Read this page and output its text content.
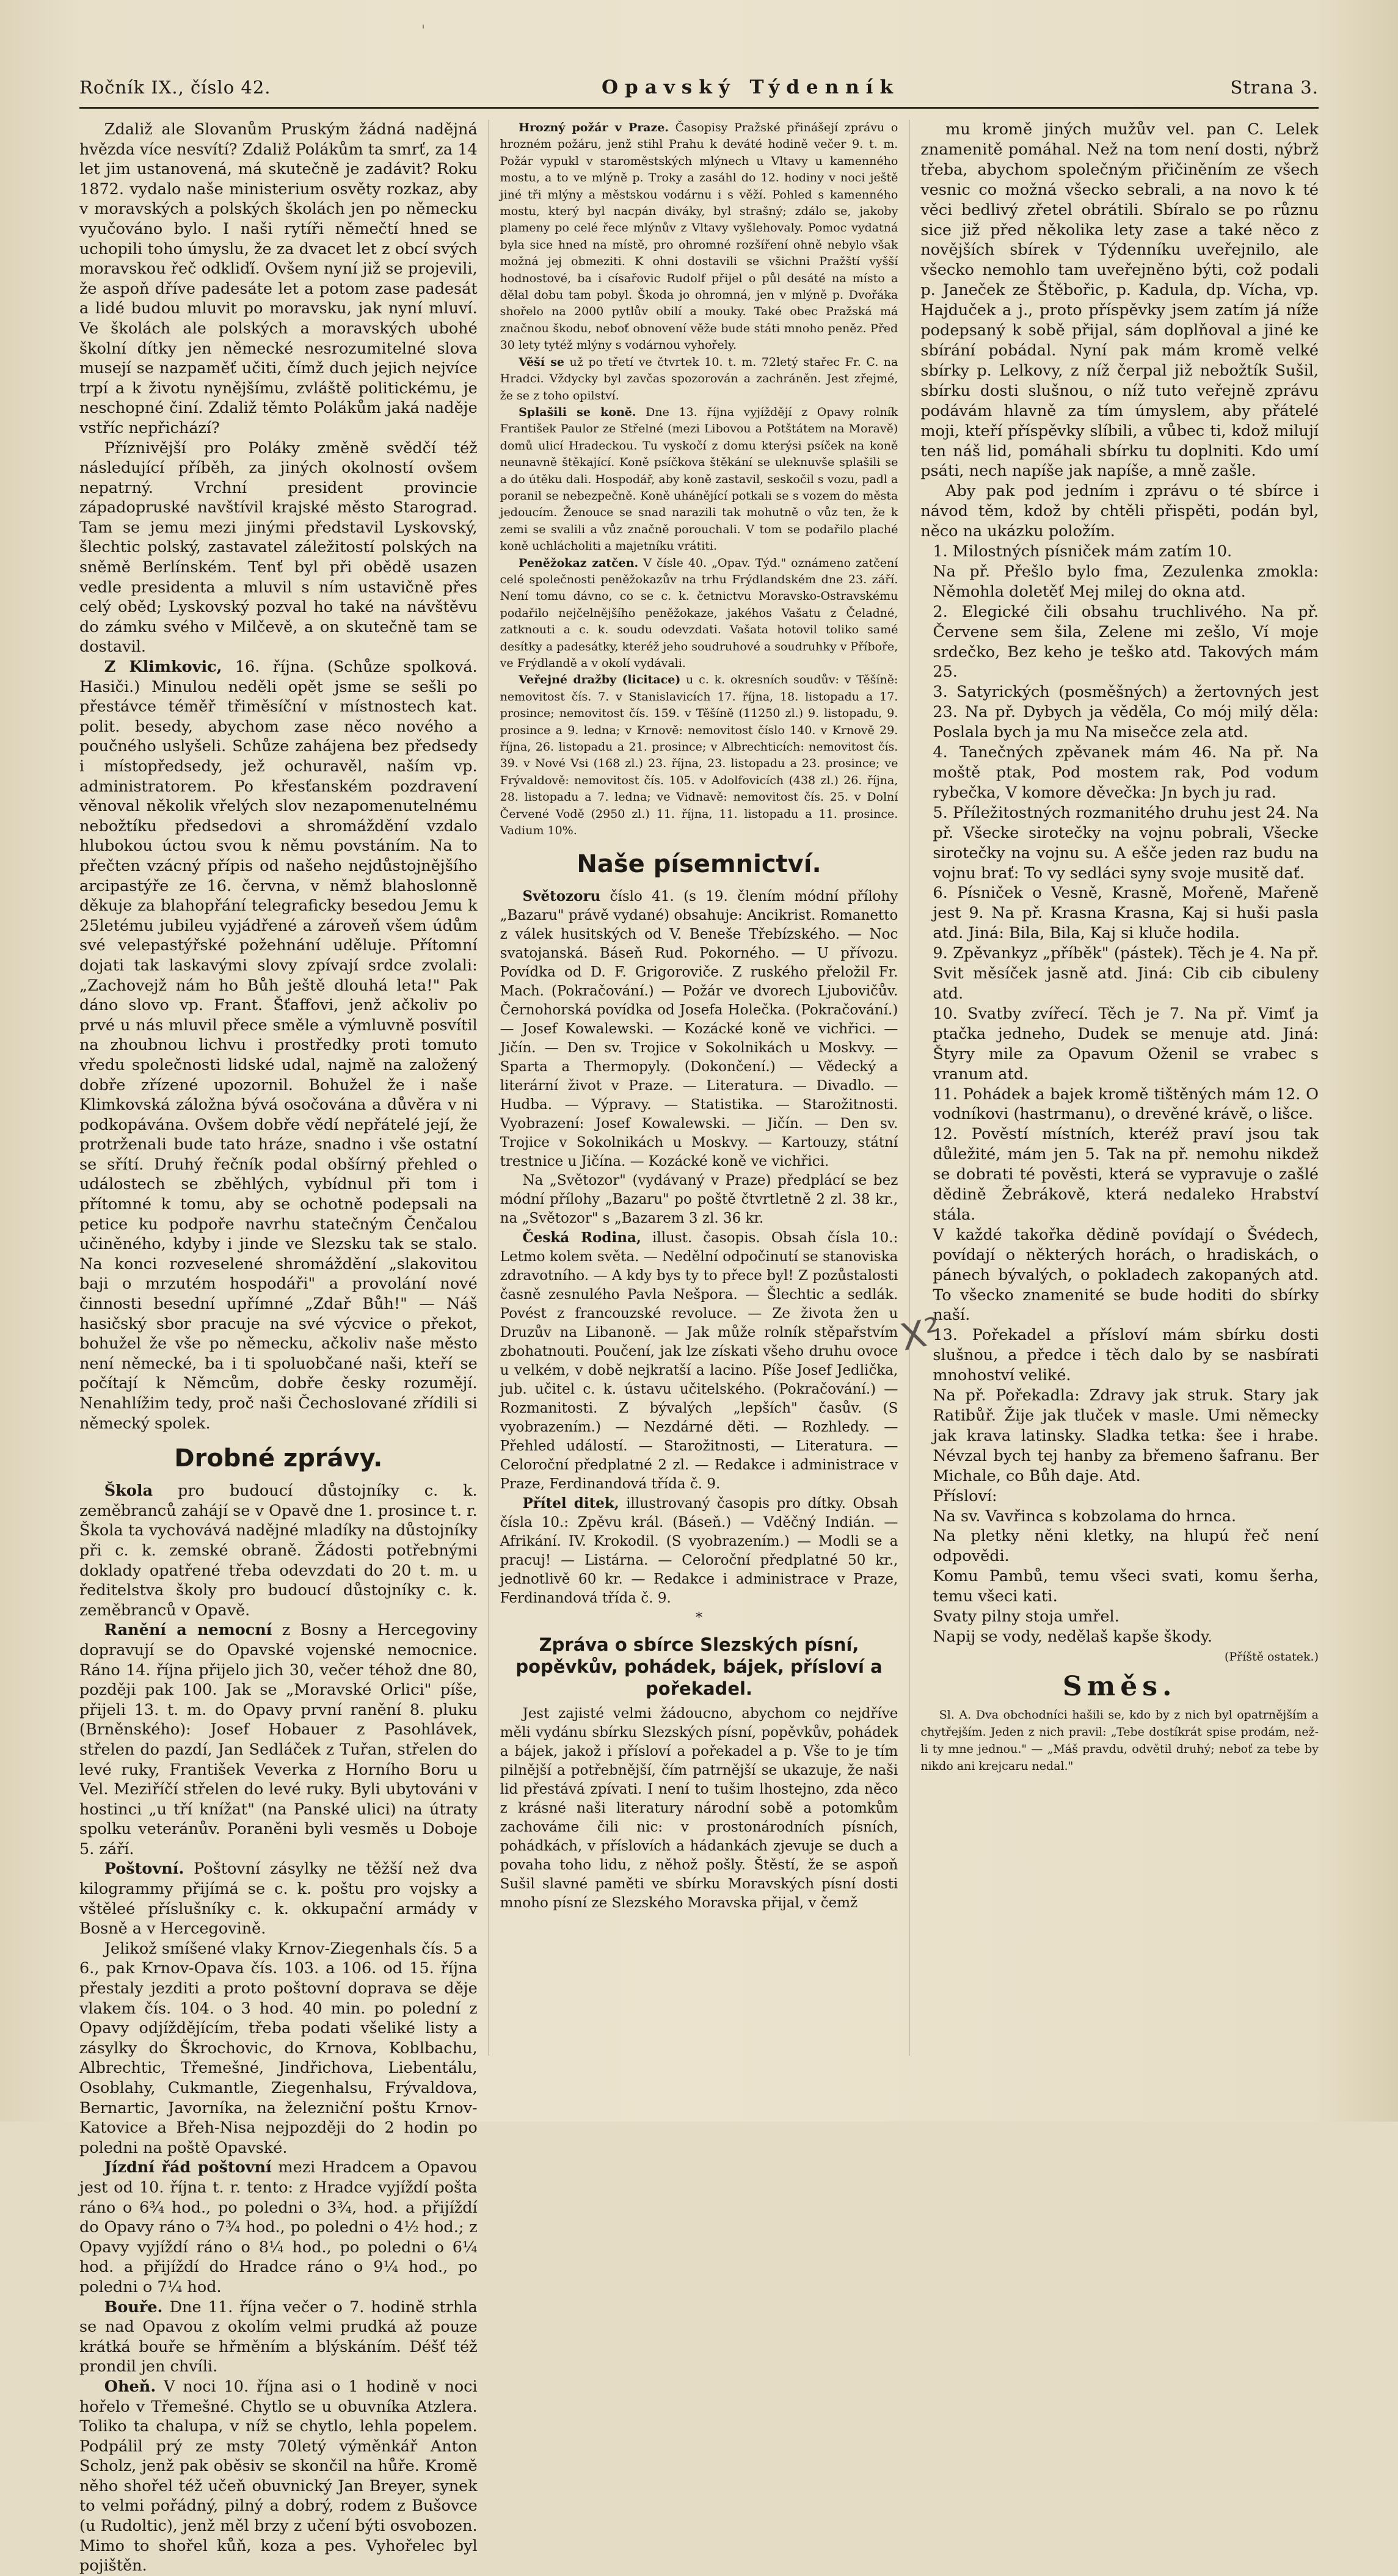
'
Ročník IX., číslo 42.	Opavský Týdenník	Strana 3.

Zdaliž ale Slovanům Pruským žádná nadějná hvězda více nesvítí? Zdaliž Polákům ta smrť, za 14 let jim ustanovená, má skutečně je zadávit? Roku 1872. vydalo naše ministerium osvěty rozkaz, aby v moravských a polských školách jen po německu vyučováno bylo. I naši rytíři němečtí hned se uchopili toho úmyslu, že za dvacet let z obcí svých moravskou řeč odkliďí. Ovšem nyní již se projevili, že aspoň dříve padesáte let a potom zase padesát a lidé budou mluvit po moravsku, jak nyní mluví. Ve školách ale polských a moravských ubohé školní dítky jen německé nesrozumitelné slova musejí se nazpaměť učiti, čímž duch jejich nejvíce trpí a k životu nynějšímu, zvláště politickému, je neschopné činí. Zdaliž těmto Polákům jaká naděje vstříc nepřichází?

Příznivější pro Poláky změně svědčí též následující příběh, za jiných okolností ovšem nepatrný. Vrchní president provincie západopruské navštívil krajské město Starograd. Tam se jemu mezi jinými představil Lyskovský, šlechtic polský, zastavatel záležitostí polských na sněmě Berlínském. Tenť byl při obědě usazen vedle presidenta a mluvil s ním ustavičně přes celý oběd; Lyskovský pozval ho také na návštěvu do zámku svého v Milčevě, a on skutečně tam se dostavil.

Z Klimkovic, 16. října. (Schůze spolková. Hasiči.) Minulou neděli opět jsme se sešli po přestávce téměř třiměsíční v místnostech kat. polit. besedy, abychom zase něco nového a poučného uslyšeli. Schůze zahájena bez předsedy i místopředsedy, jež ochuravěl, naším vp. administratorem. Po křesťanském pozdravení věnoval několik vřelých slov nezapomenutelnému nebožtíku předsedovi a shromáždění vzdalo hlubokou úctou svou k němu povstáním. Na to přečten vzácný přípis od našeho nejdůstojnějšího arcipastýře ze 16. června, v němž blahoslonně děkuje za blahopřání telegraficky besedou Jemu k 25letému jubileu vyjádřené a zároveň všem údům své velepastýřské požehnání uděluje. Přítomní dojati tak laskavými slovy zpívají srdce zvolali: „Zachovejž nám ho Bůh ještě dlouhá leta!" Pak dáno slovo vp. Frant. Šťaffovi, jenž ačkoliv po prvé u nás mluvil přece směle a výmluvně posvítil na zhoubnou lichvu i prostředky proti tomuto vředu společnosti lidské udal, najmě na založený dobře zřízené upozornil. Bohužel že i naše Klimkovská záložna bývá osočována a důvěra v ni podkopávána. Ovšem dobře vědí nepřátelé její, že protrženali bude tato hráze, snadno i vše ostatní se sřítí. Druhý řečník podal obšírný přehled o událostech se zběhlých, vybídnul při tom i přítomné k tomu, aby se ochotně podepsali na petice ku podpoře navrhu statečným Čenčalou učiněného, kdyby i jinde ve Slezsku tak se stalo. Na konci rozveselené shromáždění „slakovitou baji o mrzutém hospodáři" a provolání nové činnosti besední upřímné „Zdař Bůh!" — Náš hasičský sbor pracuje na své výcvice o překot, bohužel že vše po německu, ačkoliv naše město není německé, ba i ti spoluobčané naši, kteří se počítají k Němcům, dobře česky rozumějí. Nenahlížim tedy, proč naši Čechoslované zřídili si německý spolek.

Drobné zprávy.

Škola pro budoucí důstojníky c. k. zeměbranců zahájí se v Opavě dne 1. prosince t. r. Škola ta vychovává nadějné mladíky na důstojníky při c. k. zemské obraně. Žádosti potřebnými doklady opatřené třeba odevzdati do 20 t. m. u ředitelstva školy pro budoucí důstojníky c. k. zeměbranců v Opavě.

Ranění a nemocní z Bosny a Hercegoviny dopravují se do Opavské vojenské nemocnice. Ráno 14. října přijelo jich 30, večer téhož dne 80, později pak 100. Jak se „Moravské Orlici" píše, přijeli 13. t. m. do Opavy první ranění 8. pluku (Brněnského): Josef Hobauer z Pasohlávek, střelen do pazdí, Jan Sedláček z Tuřan, střelen do levé ruky, František Veverka z Horního Boru u Vel. Meziříčí střelen do levé ruky. Byli ubytováni v hostinci „u tří knížat" (na Panské ulici) na útraty spolku veteránův. Poraněni byli vesměs u Doboje 5. září.

Poštovní. Poštovní zásylky ne těžší než dva kilogrammy přijímá se c. k. poštu pro vojsky a vštěleé příslušníky c. k. okkupační armády v Bosně a v Hercegovině.

Jelikož smíšené vlaky Krnov-Ziegenhals čís. 5 a 6., pak Krnov-Opava čís. 103. a 106. od 15. října přestaly jezditi a proto poštovní doprava se děje vlakem čís. 104. o 3 hod. 40 min. po polední z Opavy odjíždějícím, třeba podati všeliké listy a zásylky do Škrochovic, do Krnova, Koblbachu, Albrechtic, Třemešné, Jindřichova, Liebentálu, Osoblahy, Cukmantle, Ziegenhalsu, Frývaldova, Bernartic, Javorníka, na železniční poštu Krnov-Katovice a Břeh-Nisa nejpozději do 2 hodin po poledni na poště Opavské.

Jízdní řád poštovní mezi Hradcem a Opavou jest od 10. října t. r. tento: z Hradce vyjíždí pošta ráno o 6¾ hod., po poledni o 3¾, hod. a přijíždí do Opavy ráno o 7¾ hod., po poledni o 4½ hod.; z Opavy vyjíždí ráno o 8¼ hod., po poledni o 6¼ hod. a přijíždí do Hradce ráno o 9¼ hod., po poledni o 7¼ hod.

Bouře. Dne 11. října večer o 7. hodině strhla se nad Opavou z okolím velmi prudká až pouze krátká bouře se hřměním a blýskáním. Déšť též prondil jen chvíli.

Oheň. V noci 10. října asi o 1 hodině v noci hořelo v Třemešné. Chytlo se u obuvníka Atzlera. Toliko ta chalupa, v níž se chytlo, lehla popelem. Podpálil prý ze msty 70letý výměnkář Anton Scholz, jenž pak oběsiv se skončil na hůře. Kromě něho shořel též učeň obuvnický Jan Breyer, synek to velmi pořádný, pilný a dobrý, rodem z Bušovce (u Rudoltic), jenž měl brzy z učení býti osvobozen. Mimo to shořel kůň, koza a pes. Vyhořelec byl pojištěn.

Hrozný požár v Praze. Časopisy Pražské přinášejí zprávu o hrozném požáru, jenž stihl Prahu k deváté hodině večer 9. t. m. Požár vypukl v staroměstských mlýnech u Vltavy u kamenného mostu, a to ve mlýně p. Troky a zasáhl do 12. hodiny v noci ještě jiné tři mlýny a městskou vodárnu i s věží. Pohled s kamenného mostu, který byl nacpán diváky, byl strašný; zdálo se, jakoby plameny po celé řece mlýnův z Vltavy vyšlehovaly. Pomoc vydatná byla sice hned na místě, pro ohromné rozšíření ohně nebylo však možná jej obmeziti. K ohni dostavili se všichni Pražští vyšší hodnostové, ba i císařovic Rudolf přijel o půl desáté na místo a dělal dobu tam pobyl. Škoda jo ohromná, jen v mlýně p. Dvořáka shořelo na 2000 pytlův obilí a mouky. Také obec Pražská má značnou škodu, neboť obnovení věže bude státi mnoho peněz. Před 30 lety tytéž mlýny s vodárnou vyhořely.

Věší se už po třetí ve čtvrtek 10. t. m. 72letý stařec Fr. C. na Hradci. Vždycky byl zavčas spozorován a zachráněn. Jest zřejmé, že se z toho opilství.

Splašili se koně. Dne 13. října vyjíždějí z Opavy rolník František Paulor ze Střelné (mezi Libovou a Potštátem na Moravě) domů ulicí Hradeckou. Tu vyskočí z domu kterýsi psíček na koně neunavně štěkající. Koně psíčkova štěkání se uleknuvše splašili se a do útěku dali. Hospodář, aby koně zastavil, seskočil s vozu, padl a poranil se nebezpečně. Koně uhánějící potkali se s vozem do města jedoucím. Ženouce se snad narazili tak mohutně o vůz ten, že k zemi se svalili a vůz značně porouchali. V tom se podařilo plaché koně uchlácholiti a majetníku vrátiti.

Peněžokaz zatčen. V čísle 40. „Opav. Týd." oznámeno zatčení celé společnosti peněžokazův na trhu Frýdlandském dne 23. září. Není tomu dávno, co se c. k. četnictvu Moravsko-Ostravskému podařilo nejčelnějšího peněžokaze, jakéhos Vašatu z Čeladné, zatknouti a c. k. soudu odevzdati. Vašata hotovil toliko samé desítky a padesátky, kteréž jeho soudruhové a soudruhky v Příboře, ve Frýdlandě a v okolí vydávali.

Veřejné dražby (licitace) u c. k. okresních soudův: v Těšíně: nemovitost čís. 7. v Stanislavicích 17. října, 18. listopadu a 17. prosince; nemovitost čís. 159. v Těšíně (11250 zl.) 9. listopadu, 9. prosince a 9. ledna; v Krnově: nemovitost číslo 140. v Krnově 29. října, 26. listopadu a 21. prosince; v Albrechticích: nemovitost čís. 39. v Nové Vsi (168 zl.) 23. října, 23. listopadu a 23. prosince; ve Frývaldově: nemovitost čís. 105. v Adolfovicích (438 zl.) 26. října, 28. listopadu a 7. ledna; ve Vidnavě: nemovitost čís. 25. v Dolní Červené Vodě (2950 zl.) 11. října, 11. listopadu a 11. prosince. Vadium 10%.

Naše písemnictví.

Světozoru číslo 41. (s 19. člením módní přílohy „Bazaru" právě vydané) obsahuje: Ancikrist. Romanetto z válek husitských od V. Beneše Třebízského. — Noc svatojanská. Báseň Rud. Pokorného. — U přívozu. Povídka od D. F. Grigoroviče. Z ruského přeložil Fr. Mach. (Pokračování.) — Požár ve dvorech Ljubovičův. Černohorská povídka od Josefa Holečka. (Pokračování.) — Josef Kowalewski. — Kozácké koně ve vichřici. — Jičín. — Den sv. Trojice v Sokolnikách u Moskvy. — Sparta a Thermopyly. (Dokončení.) — Vědecký a literární život v Praze. — Literatura. — Divadlo. — Hudba. — Výpravy. — Statistika. — Starožitnosti. Vyobrazení: Josef Kowalewski. — Jičín. — Den sv. Trojice v Sokolnikách u Moskvy. — Kartouzy, státní trestnice u Jičína. — Kozácké koně ve vichřici.

Na „Světozor" (vydávaný v Praze) předplácí se bez módní přílohy „Bazaru" po poště čtvrtletně 2 zl. 38 kr., na „Světozor" s „Bazarem 3 zl. 36 kr.

Česká Rodina, illust. časopis. Obsah čísla 10.: Letmo kolem světa. — Nedělní odpočinutí se stanoviska zdravotního. — A kdy bys ty to přece byl! Z pozůstalosti časně zesnulého Pavla Nešpora. — Šlechtic a sedlák. Povést z francouzské revoluce. — Ze života žen u Druzův na Libanoně. — Jak může rolník stěpařstvím zbohatnouti. Poučení, jak lze získati všeho druhu ovoce u velkém, v době nejkratší a lacino. Píše Josef Jedlička, jub. učitel c. k. ústavu učitelského. (Pokračování.) — Rozmanitosti. Z bývalých „lepších" časův. (S vyobrazením.) — Nezdárné děti. — Rozhledy. — Přehled událostí. — Starožitnosti, — Literatura. — Celoroční předplatné 2 zl. — Redakce i administrace v Praze, Ferdinandová třída č. 9.

Přítel ditek, illustrovaný časopis pro dítky. Obsah čísla 10.: Zpěvu král. (Báseň.) — Vděčný Indián. — Afrikání. IV. Krokodil. (S vyobrazením.) — Modli se a pracuj! — Listárna. — Celoroční předplatné 50 kr., jednotlivě 60 kr. — Redakce i administrace v Praze, Ferdinandová třída č. 9.

*
Zpráva o sbírce Slezských písní, popěvkův, pohádek, bájek, přísloví a pořekadel.

Jest zajisté velmi žádoucno, abychom co nejdříve měli vydánu sbírku Slezských písní, popěvkův, pohádek a bájek, jakož i přísloví a pořekadel a p. Vše to je tím pilnější a potřebnější, čím patrnější se ukazuje, že naši lid přestává zpívati. I není to tušim lhostejno, zda něco z krásné naši literatury národní sobě a potomkům zachováme čili nic: v prostonárodních písních, pohádkách, v příslovích a hádankách zjevuje se duch a povaha toho lidu, z něhož pošly. Štěstí, že se aspoň Sušil slavné paměti ve sbírku Moravských písní dosti mnoho písní ze Slezského Moravska přijal, v čemž

mu kromě jiných mužův vel. pan C. Lelek znamenitě pomáhal. Než na tom není dosti, nýbrž třeba, abychom společným přičiněním ze všech vesnic co možná všecko sebrali, a na novo k té věci bedlivý zřetel obrátili. Sbíralo se po různu sice již před několika lety zase a také něco z novějších sbírek v Týdenníku uveřejnilo, ale všecko nemohlo tam uveřejněno býti, což podali p. Janeček ze Štěbořic, p. Kadula, dp. Vícha, vp. Hajduček a j., proto příspěvky jsem zatím já níže podepsaný k sobě přijal, sám doplňoval a jiné ke sbírání pobádal. Nyní pak mám kromě velké sbírky p. Lelkovy, z níž čerpal již nebožtík Sušil, sbírku dosti slušnou, o níž tuto veřejně zprávu podávám hlavně za tím úmyslem, aby přátelé moji, kteří příspěvky slíbili, a vůbec ti, kdož milují ten náš lid, pomáhali sbírku tu doplniti. Kdo umí psáti, nech napíše jak napíše, a mně zašle.

Aby pak pod jedním i zprávu o té sbírce i návod těm, kdož by chtěli přispěti, podán byl, něco na ukázku položím.

1. Milostných písniček mám zatím 10.

Na př. Přešlo bylo fma, Zezulenka zmokla: Němohla doletěť Mej milej do okna atd.

2. Elegické čili obsahu truchlivého. Na př. Červene sem šila, Zelene mi zešlo, Ví moje srdečko, Bez keho je teško atd. Takových mám 25.

3. Satyrických (posměšných) a žertovných jest 23. Na př. Dybych ja věděla, Co mój milý děla: Poslala bych ja mu Na misečce zela atd.

4. Tanečných zpěvanek mám 46. Na př. Na moště ptak, Pod mostem rak, Pod vodum rybečka, V komore děvečka: Jn bych ju rad.

5. Příležitostných rozmanitého druhu jest 24. Na př. Všecke sirotečky na vojnu pobrali, Všecke sirotečky na vojnu su. A ešče jeden raz budu na vojnu brať: To vy sedláci syny svoje musitě dať.

6. Písniček o Vesně, Krasně, Mořeně, Mařeně jest 9. Na př. Krasna Krasna, Kaj si huši pasla atd. Jiná: Bila, Bila, Kaj si kluče hodila.

9. Zpěvankyz „příběk" (pástek). Těch je 4. Na př. Svit měsíček jasně atd. Jiná: Cib cib cibuleny atd.

10. Svatby zvířecí. Těch je 7. Na př. Vimť ja ptačka jedneho, Dudek se menuje atd. Jiná: Štyry mile za Opavum Oženil se vrabec s vranum atd.

11. Pohádek a bajek kromě tištěných mám 12. O vodníkovi (hastrmanu), o drevěné krávě, o lišce.

12. Pověstí místních, kteréž praví jsou tak důležité, mám jen 5. Tak na př. nemohu nikdež se dobrati té pověsti, která se vypravuje o zašlé dědině Žebrákově, která nedaleko Hrabství stála.

V každé takořka dědině povídají o Švédech, povídají o některých horách, o hradiskách, o pánech bývalých, o pokladech zakopaných atd. To všecko znamenité se bude hoditi do sbírky naší.

13. Pořekadel a přísloví mám sbírku dosti slušnou, a předce i těch dalo by se nasbírati mnohoství veliké.

Na př. Pořekadla: Zdravy jak struk. Stary jak Ratibůř. Žije jak tluček v masle. Umi německy jak krava latinsky. Sladka tetka: šee i hrabe. Névzal bych tej hanby za břemeno šafranu. Ber Michale, co Bůh daje. Atd.

Přísloví:

Na sv. Vavřinca s kobzolama do hrnca.

Na pletky něni kletky, na hlupú řeč není odpovědi.

Komu Pambů, temu všeci svati, komu šerha, temu všeci kati.

Svaty pilny stoja umřel.

Napij se vody, nedělaš kapše škody.

(Příště ostatek.)
Směs.

Sl. A. Dva obchodníci hašili se, kdo by z nich byl opatrnějším a chytřejším. Jeden z nich pravil: „Tebe dostíkrát spise prodám, než-li ty mne jednou." — „Máš pravdu, odvětil druhý; neboť za tebe by nikdo ani krejcaru nedal."

X²
